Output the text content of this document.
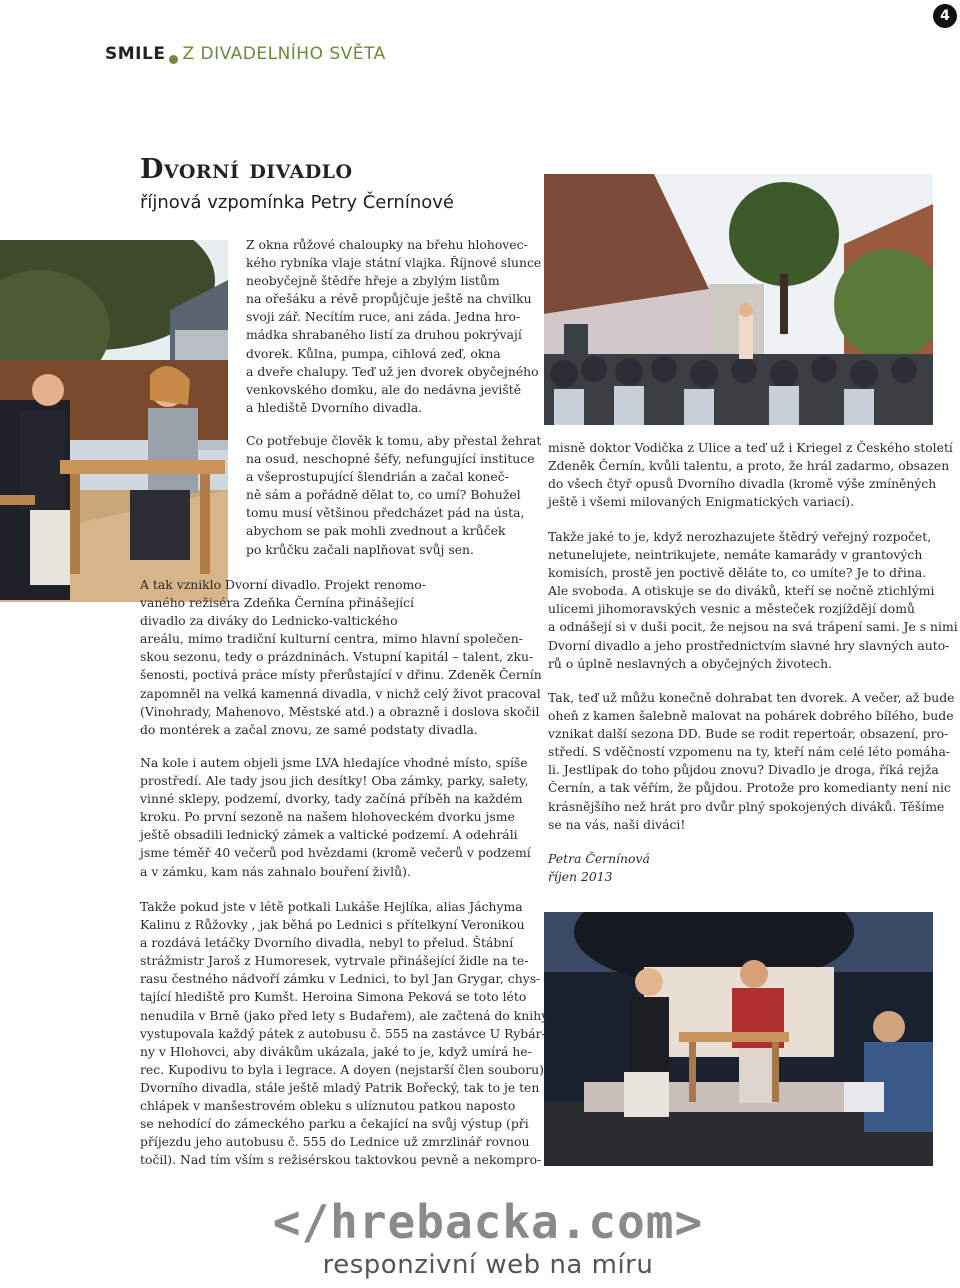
4
SMILE Z DIVADELNÍHO SVĚTA
Dvorní divadlo
říjnová vzpomínka Petry Černínové
Z okna růžové chaloupky na břehu hlohovec-
kého rybníka vlaje státní vlajka. Říjnové slunce
neobyčejně štědře hřeje a zbylým listům
na ořešáku a révě propůjčuje ještě na chvilku
svoji zář. Necítím ruce, ani záda. Jedna hro-
mádka shrabaného listí za druhou pokrývají
dvorek. Kůlna, pumpa, cihlová zeď, okna
a dveře chalupy. Teď už jen dvorek obyčejného
venkovského domku, ale do nedávna jeviště
a hlediště Dvorního divadla.
Co potřebuje člověk k tomu, aby přestal žehrat
na osud, neschopné šéfy, nefungující instituce
a všeprostupující šlendrián a začal koneč-
ně sám a pořádně dělat to, co umí? Bohužel
tomu musí většinou předcházet pád na ústa,
abychom se pak mohli zvednout a krůček
po krůčku začali naplňovat svůj sen.
A tak vzniklo Dvorní divadlo. Projekt renomo-
vaného režiséra Zdeňka Černína přinášející
divadlo za diváky do Lednicko-valtického
areálu, mimo tradiční kulturní centra, mimo hlavní společen-
skou sezonu, tedy o prázdninách. Vstupní kapitál – talent, zku-
šenosti, poctivá práce místy přerůstající v dřinu. Zdeněk Černín
zapomněl na velká kamenná divadla, v nichž celý život pracoval
(Vinohrady, Mahenovo, Městské atd.) a obrazně i doslova skočil
do montérek a začal znovu, ze samé podstaty divadla.
Na kole i autem objeli jsme LVA hledajíce vhodné místo, spíše
prostředí. Ale tady jsou jich desítky! Oba zámky, parky, salety,
vinné sklepy, podzemí, dvorky, tady začíná příběh na každém
kroku. Po první sezoně na našem hlohoveckém dvorku jsme
ještě obsadili lednický zámek a valtické podzemí. A odehráli
jsme téměř 40 večerů pod hvězdami (kromě večerů v podzemí
a v zámku, kam nás zahnalo bouření živlů).
Takže pokud jste v létě potkali Lukáše Hejlíka, alias Jáchyma
Kalinu z Růžovky , jak běhá po Lednici s přítelkyní Veronikou
a rozdává letáčky Dvorního divadla, nebyl to přelud. Štábní
strážmistr Jaroš z Humoresek, vytrvale přinášející židle na te-
rasu čestného nádvoří zámku v Lednici, to byl Jan Grygar, chys-
tající hlediště pro Kumšt. Heroina Simona Peková se toto léto
nenudila v Brně (jako před lety s Budařem), ale začtená do knihy
vystupovala každý pátek z autobusu č. 555 na zastávce U Rybár-
ny v Hlohovci, aby divákům ukázala, jaké to je, když umírá he-
rec. Kupodivu to byla i legrace. A doyen (nejstarší člen souboru)
Dvorního divadla, stále ještě mladý Patrik Bořecký, tak to je ten
chlápek v manšestrovém obleku s ulíznutou patkou naposto
se nehodící do zámeckého parku a čekající na svůj výstup (při
příjezdu jeho autobusu č. 555 do Lednice už zmrzlinář rovnou
točil). Nad tím vším s režisérskou taktovkou pevně a nekompro-
misně doktor Vodička z Ulice a teď už i Kriegel z Českého století
Zdeněk Černín, kvůli talentu, a proto, že hrál zadarmo, obsazen
do všech čtyř opusů Dvorního divadla (kromě výše zmíněných
ještě i všemi milovaných Enigmatických variací).
Takže jaké to je, když nerozhazujete štědrý veřejný rozpočet,
netunelujete, neintrikujete, nemáte kamarády v grantových
komisích, prostě jen poctivě děláte to, co umíte? Je to dřina.
Ale svoboda. A otiskuje se do diváků, kteří se nočně ztichlými
ulicemi jihomoravských vesnic a městeček rozjíždějí domů
a odnášejí si v duši pocit, že nejsou na svá trápení sami. Je s nimi
Dvorní divadlo a jeho prostřednictvím slavné hry slavných auto-
rů o úplně neslavných a obyčejných životech.
Tak, teď už můžu konečně dohrabat ten dvorek. A večer, až bude
oheň z kamen šalebně malovat na pohárek dobrého bílého, bude
vznikat další sezona DD. Bude se rodit repertoár, obsazení, pro-
středí. S vděčností vzpomenu na ty, kteří nám celé léto pomáha-
li. Jestlipak do toho půjdou znovu? Divadlo je droga, říká rejža
Černín, a tak věřím, že půjdou. Protože pro komedianty není nic
krásnějšího než hrát pro dvůr plný spokojených diváků. Těšíme
se na vás, naši diváci!
Petra Černínová
říjen 2013
</hrebacka.com>
responzivní web na míru
